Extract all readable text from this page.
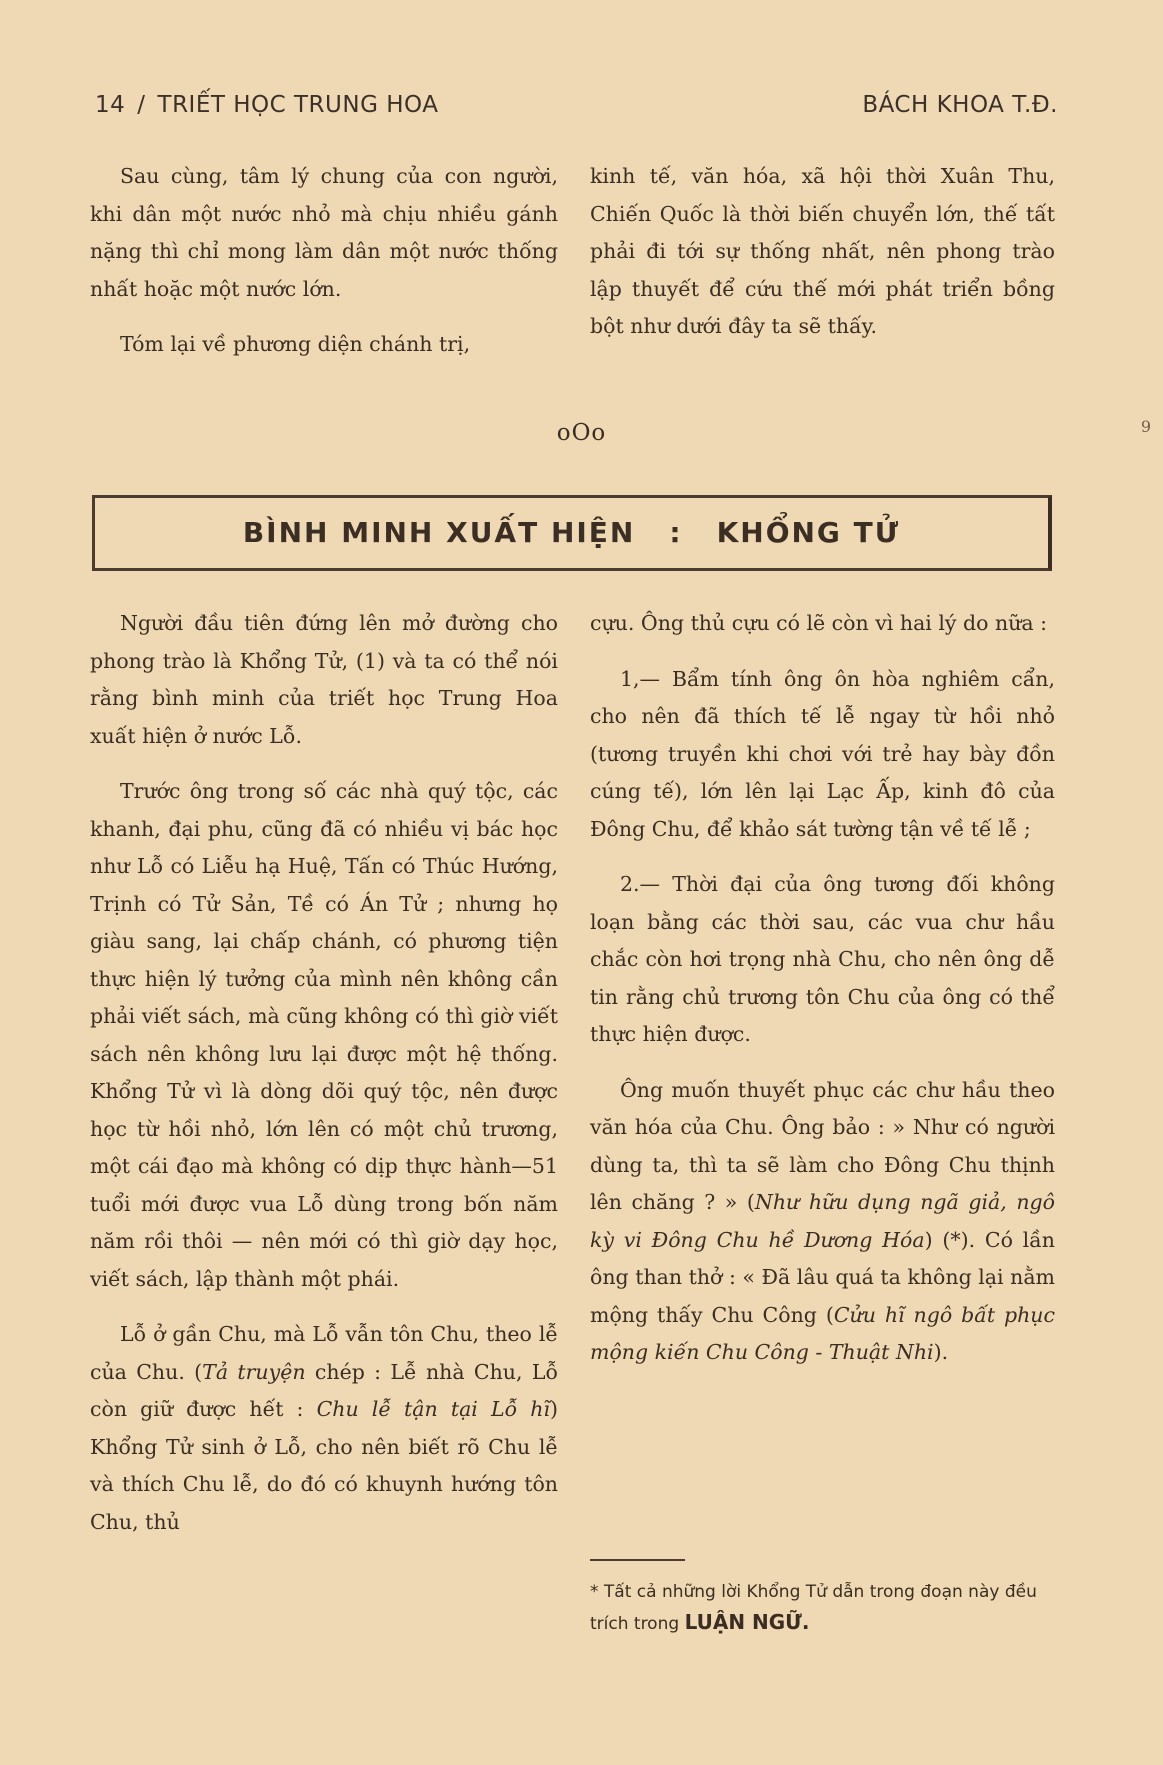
14 / TRIẾT HỌC TRUNG HOA	BÁCH KHOA T.Đ.

Sau cùng, tâm lý chung của con người, khi dân một nước nhỏ mà chịu nhiều gánh nặng thì chỉ mong làm dân một nước thống nhất hoặc một nước lớn.

Tóm lại về phương diện chánh trị,

kinh tế, văn hóa, xã hội thời Xuân Thu, Chiến Quốc là thời biến chuyển lớn, thế tất phải đi tới sự thống nhất, nên phong trào lập thuyết để cứu thế mới phát triển bồng bột như dưới đây ta sẽ thấy.

oOo	9
BÌNH MINH XUẤT HIỆN : KHỔNG TỬ

Người đầu tiên đứng lên mở đường cho phong trào là Khổng Tử, (1) và ta có thể nói rằng bình minh của triết học Trung Hoa xuất hiện ở nước Lỗ.

Trước ông trong số các nhà quý tộc, các khanh, đại phu, cũng đã có nhiều vị bác học như Lỗ có Liễu hạ Huệ, Tấn có Thúc Hướng, Trịnh có Tử Sản, Tề có Án Tử ; nhưng họ giàu sang, lại chấp chánh, có phương tiện thực hiện lý tưởng của mình nên không cần phải viết sách, mà cũng không có thì giờ viết sách nên không lưu lại được một hệ thống. Khổng Tử vì là dòng dõi quý tộc, nên được học từ hồi nhỏ, lớn lên có một chủ trương, một cái đạo mà không có dịp thực hành—51 tuổi mới được vua Lỗ dùng trong bốn năm năm rồi thôi — nên mới có thì giờ dạy học, viết sách, lập thành một phái.

Lỗ ở gần Chu, mà Lỗ vẫn tôn Chu, theo lễ của Chu. (Tả truyện chép : Lễ nhà Chu, Lỗ còn giữ được hết : Chu lễ tận tại Lỗ hĩ) Khổng Tử sinh ở Lỗ, cho nên biết rõ Chu lễ và thích Chu lễ, do đó có khuynh hướng tôn Chu, thủ

cựu. Ông thủ cựu có lẽ còn vì hai lý do nữa :

1,— Bẩm tính ông ôn hòa nghiêm cẩn, cho nên đã thích tế lễ ngay từ hồi nhỏ (tương truyền khi chơi với trẻ hay bày đồn cúng tế), lớn lên lại Lạc Ấp, kinh đô của Đông Chu, để khảo sát tường tận về tế lễ ;

2.— Thời đại của ông tương đối không loạn bằng các thời sau, các vua chư hầu chắc còn hơi trọng nhà Chu, cho nên ông dễ tin rằng chủ trương tôn Chu của ông có thể thực hiện được.

Ông muốn thuyết phục các chư hầu theo văn hóa của Chu. Ông bảo : » Như có người dùng ta, thì ta sẽ làm cho Đông Chu thịnh lên chăng ? » (Như hữu dụng ngã giả, ngô kỳ vi Đông Chu hề Dương Hóa) (*). Có lần ông than thở : « Đã lâu quá ta không lại nằm mộng thấy Chu Công (Cửu hĩ ngô bất phục mộng kiến Chu Công - Thuật Nhi).

* Tất cả những lời Khổng Tử dẫn trong đoạn này đều trích trong LUẬN NGỮ.
